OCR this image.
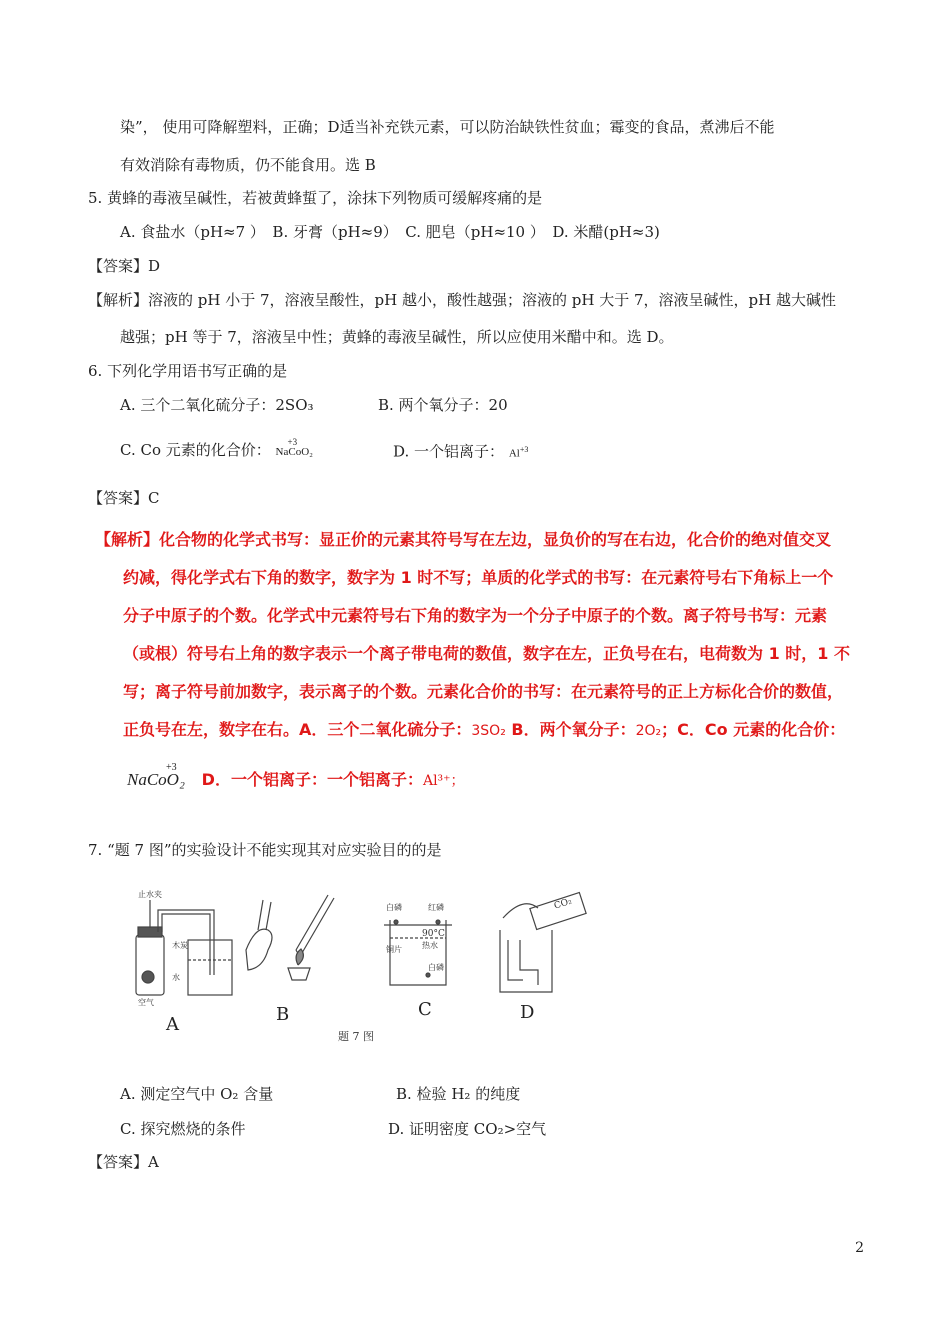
染”， 使用可降解塑料，正确；D适当补充铁元素，可以防治缺铁性贫血；霉变的食品，煮沸后不能
有效消除有毒物质，仍不能食用。选 B
5. 黄蜂的毒液呈碱性，若被黄蜂蜇了，涂抹下列物质可缓解疼痛的是
A. 食盐水（pH≈7 ）　B. 牙膏（pH≈9）　C. 肥皂（pH≈10 ）　D. 米醋(pH≈3)
【答案】D
【解析】溶液的 pH 小于 7，溶液呈酸性，pH 越小，酸性越强；溶液的 pH 大于 7，溶液呈碱性，pH 越大碱性
越强；pH 等于 7，溶液呈中性；黄蜂的毒液呈碱性，所以应使用米醋中和。选 D。
6. 下列化学用语书写正确的是
A. 三个二氧化硫分子：2SO₃	B. 两个氧分子：20
C. Co 元素的化合价： +3
NaCoO₂	D. 一个铝离子： $Al^{+3}$
【答案】C
【解析】化合物的化学式书写：显正价的元素其符号写在左边，显负价的写在右边，化合价的绝对值交叉
约减，得化学式右下角的数字，数字为 1 时不写；单质的化学式的书写：在元素符号右下角标上一个
分子中原子的个数。化学式中元素符号右下角的数字为一个分子中原子的个数。离子符号书写：元素
（或根）符号右上角的数字表示一个离子带电荷的数值，数字在左，正负号在右，电荷数为 1 时，1 不
写；离子符号前加数字，表示离子的个数。元素化合价的书写：在元素符号的正上方标化合价的数值，
正负号在左，数字在右。A．三个二氧化硫分子：3SO₂ B．两个氧分子：2O₂；C．Co 元素的化合价：
+3
NaCoO₂ D．一个铝离子：一个铝离子：Al³⁺；
7. “题 7 图”的实验设计不能实现其对应实验目的的是
止水夹
木炭
空气
水
白磷	红磷
90°C
热水
铜片
白磷
CO₂
A	B	C	D
题 7 图
A. 测定空气中 O₂ 含量	B. 检验 H₂ 的纯度
C. 探究燃烧的条件	D. 证明密度 CO₂>空气
【答案】A
2
